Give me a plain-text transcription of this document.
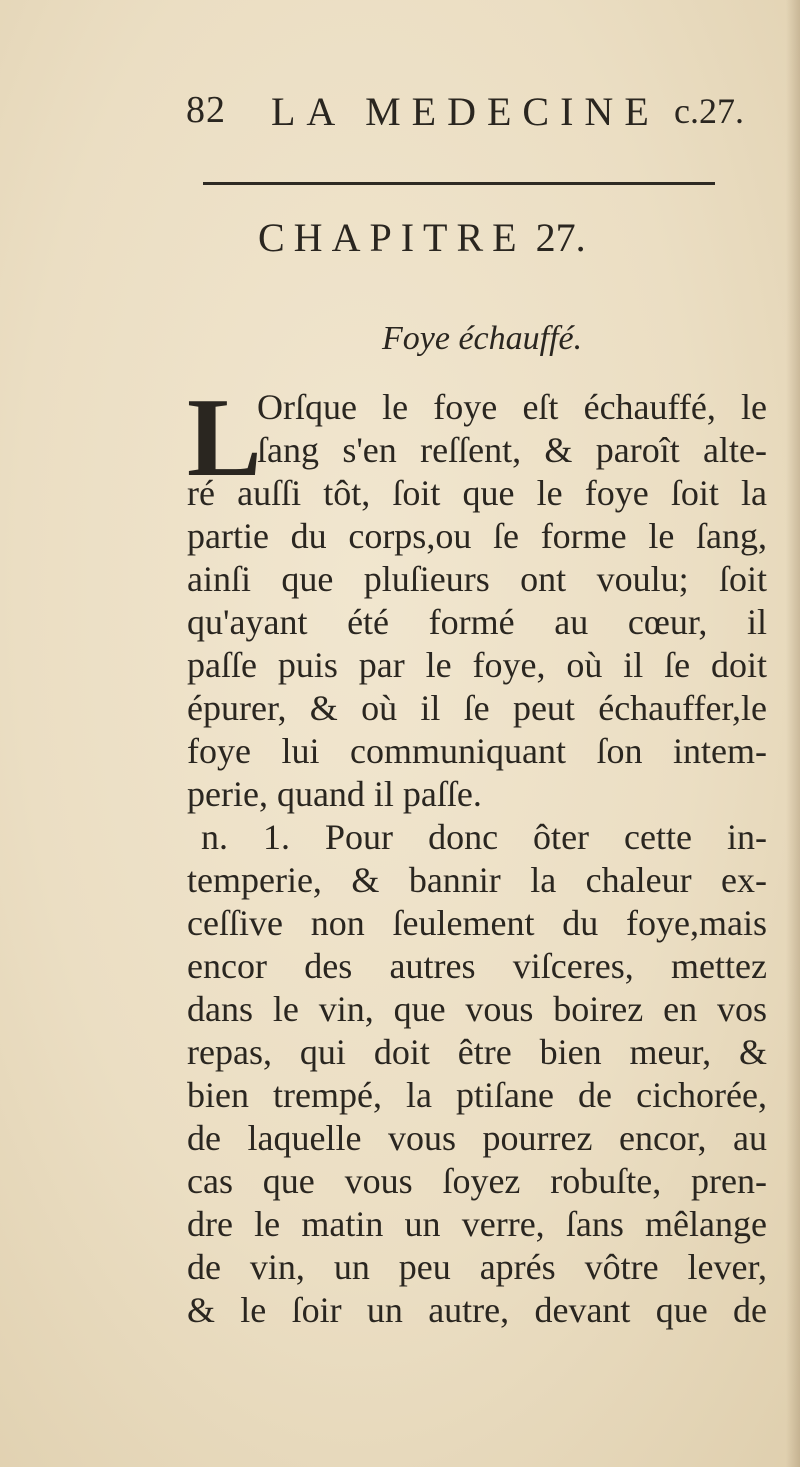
82 LA MEDECINE c.27.
CHAPITRE 27.
Foye échauffé.
L
Orſque le foye eſt échauffé, le
ſang s'en reſſent, & paroît alte-
ré auſſi tôt, ſoit que le foye ſoit la
partie du corps,ou ſe forme le ſang,
ainſi que pluſieurs ont voulu; ſoit
qu'ayant été formé au cœur, il
paſſe puis par le foye, où il ſe doit
épurer, & où il ſe peut échauffer,le
foye lui communiquant ſon intem-
perie, quand il paſſe.
n. 1. Pour donc ôter cette in-
temperie, & bannir la chaleur ex-
ceſſive non ſeulement du foye,mais
encor des autres viſceres, mettez
dans le vin, que vous boirez en vos
repas, qui doit être bien meur, &
bien trempé, la ptiſane de cichorée,
de laquelle vous pourrez encor, au
cas que vous ſoyez robuſte, pren-
dre le matin un verre, ſans mêlange
de vin, un peu aprés vôtre lever,
& le ſoir un autre, devant que de
